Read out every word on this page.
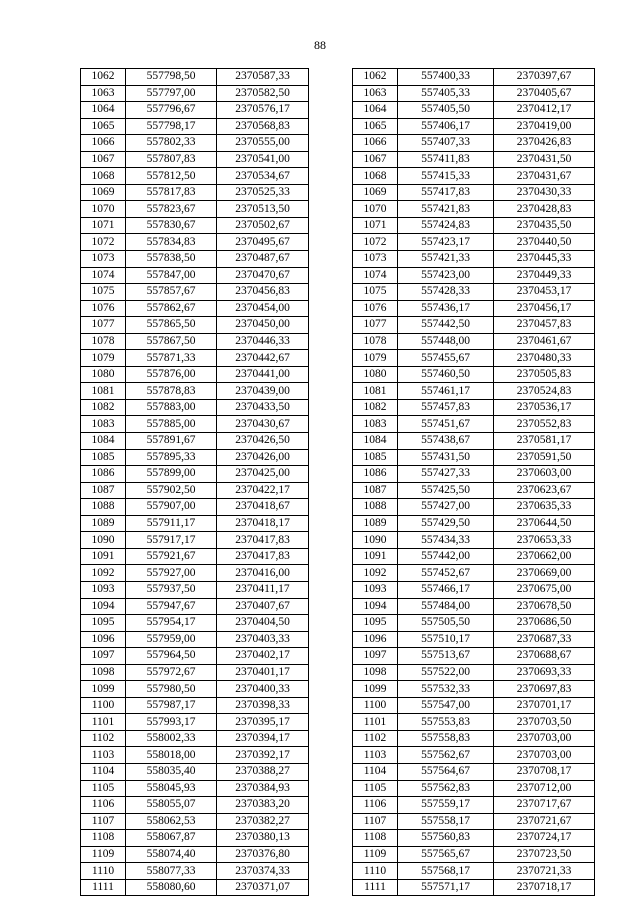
88
1062	557798,50	2370587,33		1062	557400,33	2370397,67
1063	557797,00	2370582,50		1063	557405,33	2370405,67
1064	557796,67	2370576,17		1064	557405,50	2370412,17
1065	557798,17	2370568,83		1065	557406,17	2370419,00
1066	557802,33	2370555,00		1066	557407,33	2370426,83
1067	557807,83	2370541,00		1067	557411,83	2370431,50
1068	557812,50	2370534,67		1068	557415,33	2370431,67
1069	557817,83	2370525,33		1069	557417,83	2370430,33
1070	557823,67	2370513,50		1070	557421,83	2370428,83
1071	557830,67	2370502,67		1071	557424,83	2370435,50
1072	557834,83	2370495,67		1072	557423,17	2370440,50
1073	557838,50	2370487,67		1073	557421,33	2370445,33
1074	557847,00	2370470,67		1074	557423,00	2370449,33
1075	557857,67	2370456,83		1075	557428,33	2370453,17
1076	557862,67	2370454,00		1076	557436,17	2370456,17
1077	557865,50	2370450,00		1077	557442,50	2370457,83
1078	557867,50	2370446,33		1078	557448,00	2370461,67
1079	557871,33	2370442,67		1079	557455,67	2370480,33
1080	557876,00	2370441,00		1080	557460,50	2370505,83
1081	557878,83	2370439,00		1081	557461,17	2370524,83
1082	557883,00	2370433,50		1082	557457,83	2370536,17
1083	557885,00	2370430,67		1083	557451,67	2370552,83
1084	557891,67	2370426,50		1084	557438,67	2370581,17
1085	557895,33	2370426,00		1085	557431,50	2370591,50
1086	557899,00	2370425,00		1086	557427,33	2370603,00
1087	557902,50	2370422,17		1087	557425,50	2370623,67
1088	557907,00	2370418,67		1088	557427,00	2370635,33
1089	557911,17	2370418,17		1089	557429,50	2370644,50
1090	557917,17	2370417,83		1090	557434,33	2370653,33
1091	557921,67	2370417,83		1091	557442,00	2370662,00
1092	557927,00	2370416,00		1092	557452,67	2370669,00
1093	557937,50	2370411,17		1093	557466,17	2370675,00
1094	557947,67	2370407,67		1094	557484,00	2370678,50
1095	557954,17	2370404,50		1095	557505,50	2370686,50
1096	557959,00	2370403,33		1096	557510,17	2370687,33
1097	557964,50	2370402,17		1097	557513,67	2370688,67
1098	557972,67	2370401,17		1098	557522,00	2370693,33
1099	557980,50	2370400,33		1099	557532,33	2370697,83
1100	557987,17	2370398,33		1100	557547,00	2370701,17
1101	557993,17	2370395,17		1101	557553,83	2370703,50
1102	558002,33	2370394,17		1102	557558,83	2370703,00
1103	558018,00	2370392,17		1103	557562,67	2370703,00
1104	558035,40	2370388,27		1104	557564,67	2370708,17
1105	558045,93	2370384,93		1105	557562,83	2370712,00
1106	558055,07	2370383,20		1106	557559,17	2370717,67
1107	558062,53	2370382,27		1107	557558,17	2370721,67
1108	558067,87	2370380,13		1108	557560,83	2370724,17
1109	558074,40	2370376,80		1109	557565,67	2370723,50
1110	558077,33	2370374,33		1110	557568,17	2370721,33
1111	558080,60	2370371,07		1111	557571,17	2370718,17
